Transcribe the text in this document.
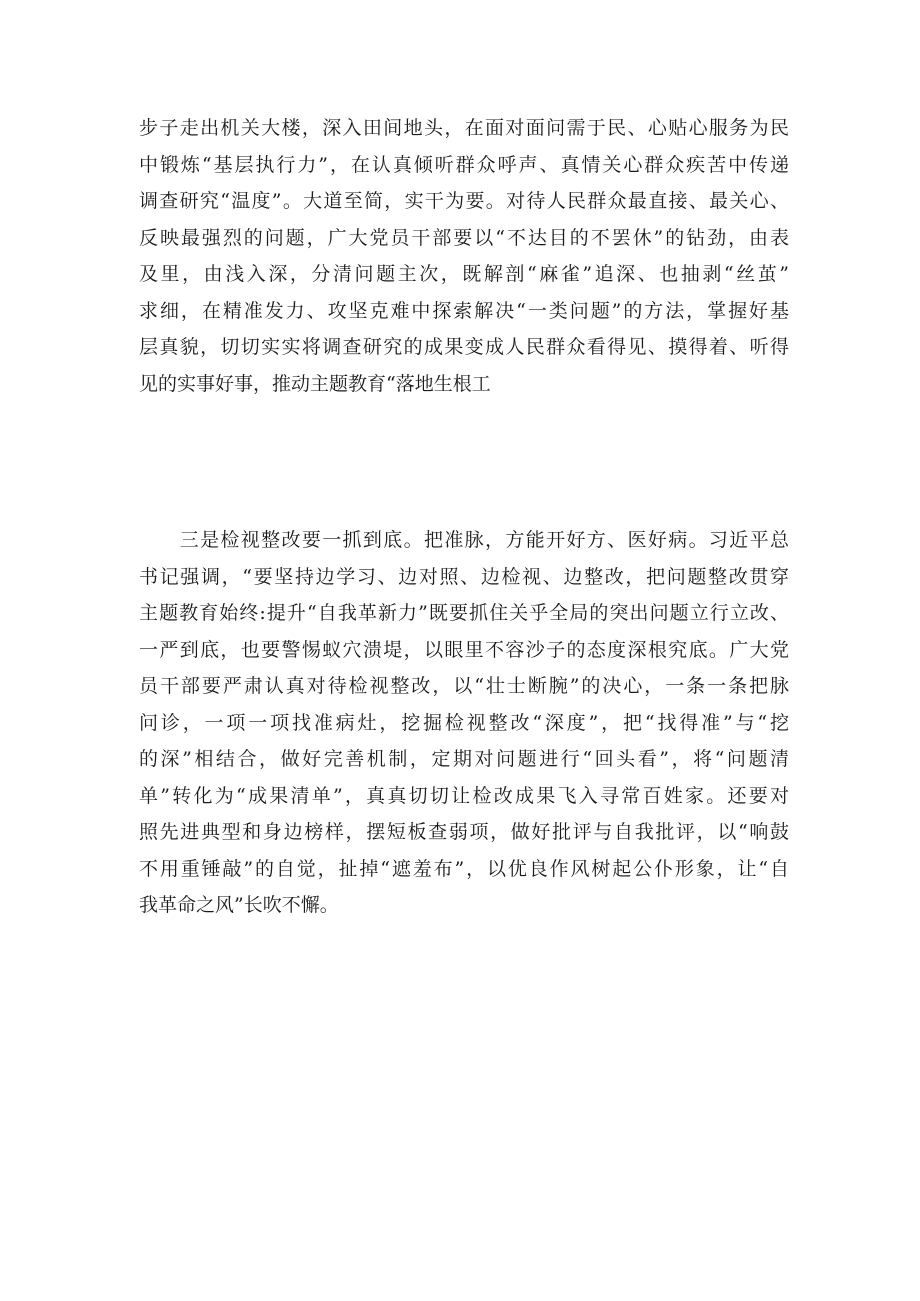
步子走出机关大楼，深入田间地头，在面对面问需于民、心贴心服务为民
中锻炼“基层执行力”，在认真倾听群众呼声、真情关心群众疾苦中传递
调查研究“温度”。大道至简，实干为要。对待人民群众最直接、最关心、
反映最强烈的问题，广大党员干部要以“不达目的不罢休”的钻劲，由表
及里，由浅入深，分清问题主次，既解剖“麻雀”追深、也抽剥“丝茧”
求细，在精准发力、攻坚克难中探索解决“一类问题”的方法，掌握好基
层真貌，切切实实将调查研究的成果变成人民群众看得见、摸得着、听得
见的实事好事，推动主题教育“落地生根工
　　三是检视整改要一抓到底。把准脉，方能开好方、医好病。习近平总
书记强调，“要坚持边学习、边对照、边检视、边整改，把问题整改贯穿
主题教育始终:提升“自我革新力”既要抓住关乎全局的突出问题立行立改、
一严到底，也要警惕蚁穴溃堤，以眼里不容沙子的态度深根究底。广大党
员干部要严肃认真对待检视整改，以“壮士断腕”的决心，一条一条把脉
问诊，一项一项找准病灶，挖掘检视整改“深度”，把“找得准”与“挖
的深”相结合，做好完善机制，定期对问题进行“回头看”，将“问题清
单”转化为“成果清单”，真真切切让检改成果飞入寻常百姓家。还要对
照先进典型和身边榜样，摆短板查弱项，做好批评与自我批评，以“响鼓
不用重锤敲”的自觉，扯掉“遮羞布”，以优良作风树起公仆形象，让“自
我革命之风”长吹不懈。
